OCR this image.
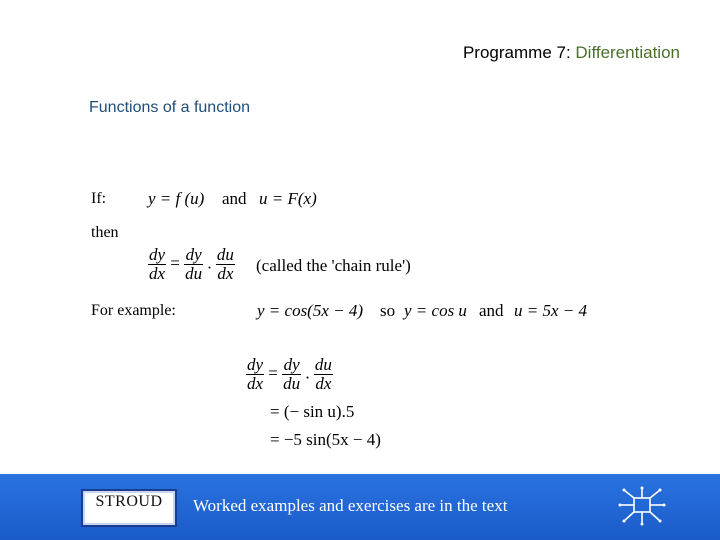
Programme 7: Differentiation
Functions of a function
If: y = f (u) and u = F(x)
then
$\frac{dy}{dx} = \frac{dy}{du}$ . $\frac{du}{dx}$ (called the 'chain rule')
For example:	y = cos(5x − 4) so y = cos u and u = 5x − 4
$\frac{dy}{dx} = \frac{dy}{du}$ . $\frac{du}{dx}$
= (− sin u).5
= −5 sin(5x − 4)
STROUD	Worked examples and exercises are in the text
